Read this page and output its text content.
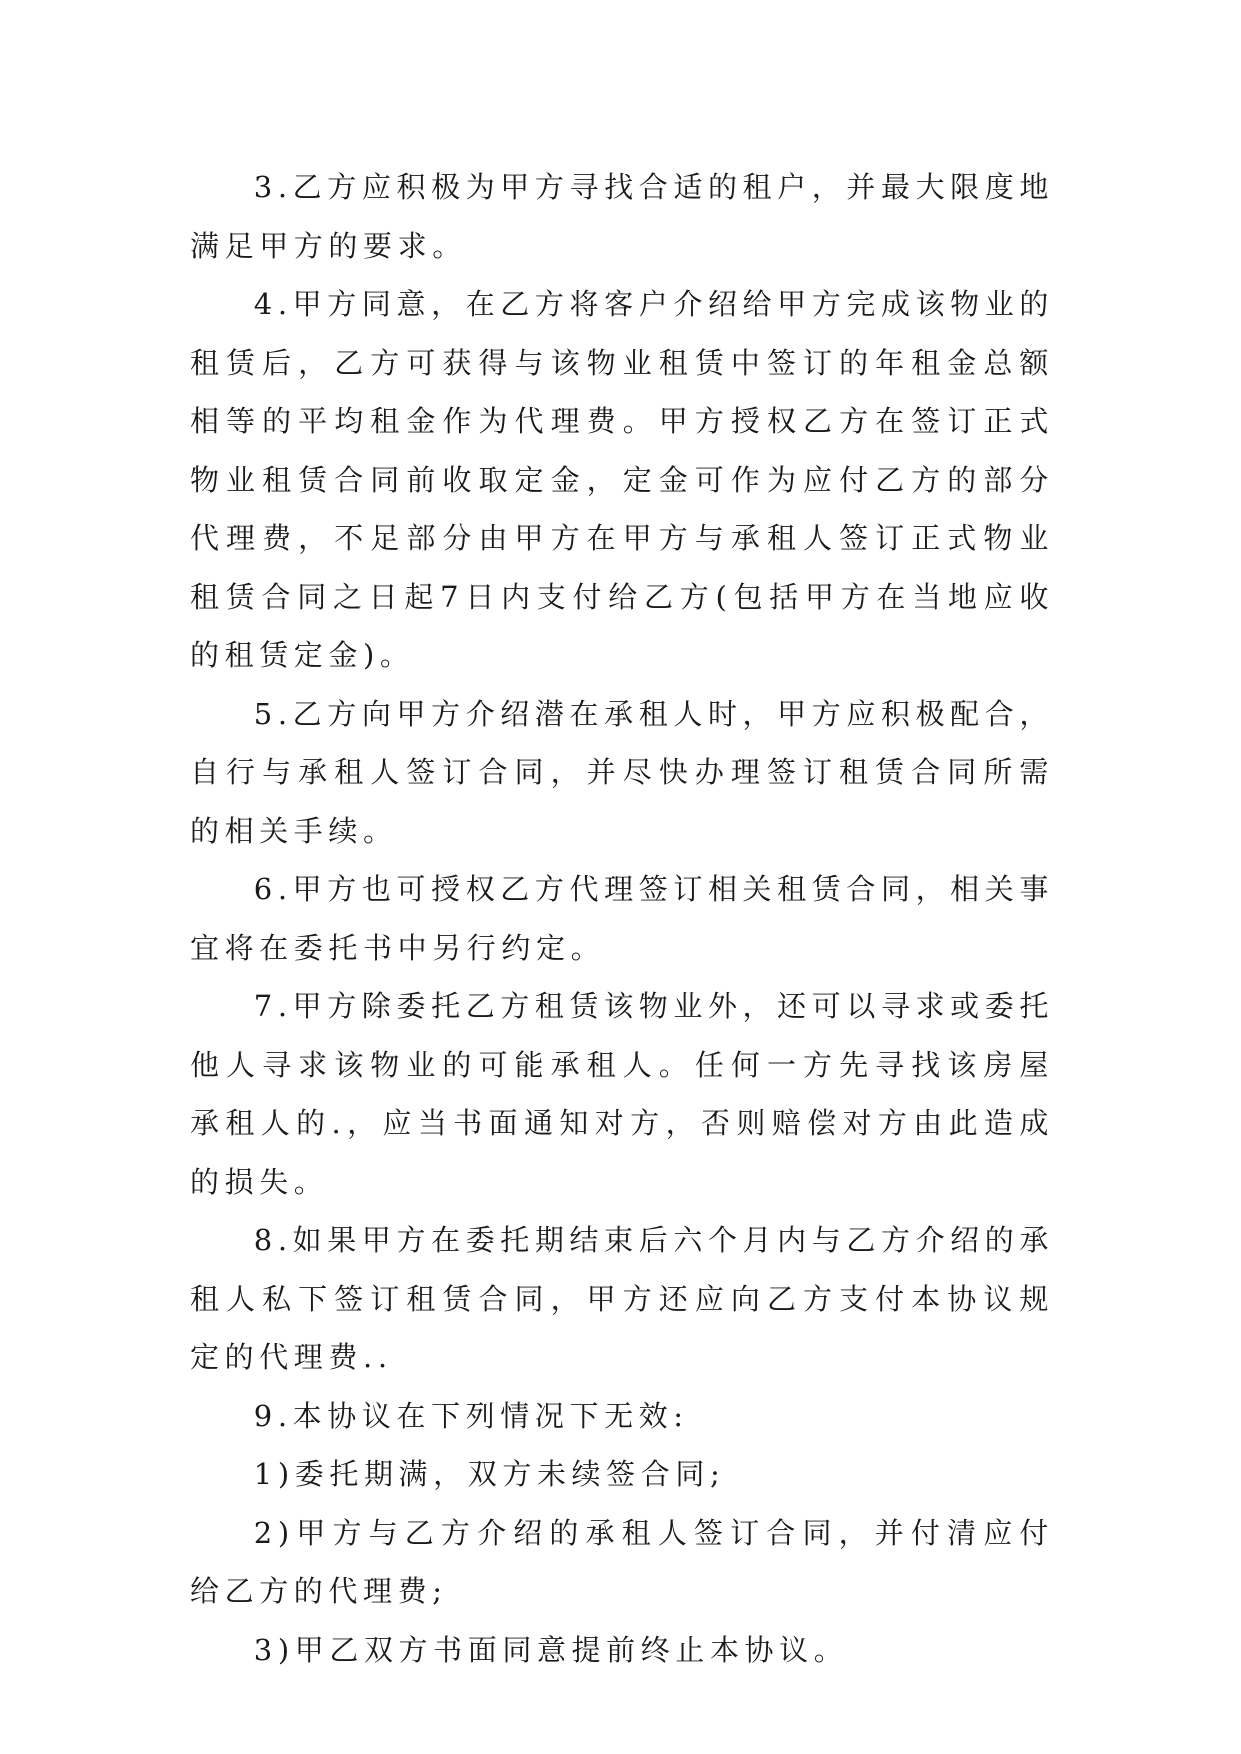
3.乙方应积极为甲方寻找合适的租户，并最大限度地满足甲方的要求。

4.甲方同意，在乙方将客户介绍给甲方完成该物业的租赁后，乙方可获得与该物业租赁中签订的年租金总额相等的平均租金作为代理费。甲方授权乙方在签订正式物业租赁合同前收取定金，定金可作为应付乙方的部分代理费，不足部分由甲方在甲方与承租人签订正式物业租赁合同之日起7日内支付给乙方(包括甲方在当地应收的租赁定金)。

5.乙方向甲方介绍潜在承租人时，甲方应积极配合，自行与承租人签订合同，并尽快办理签订租赁合同所需的相关手续。

6.甲方也可授权乙方代理签订相关租赁合同，相关事宜将在委托书中另行约定。

7.甲方除委托乙方租赁该物业外，还可以寻求或委托他人寻求该物业的可能承租人。任何一方先寻找该房屋承租人的.，应当书面通知对方，否则赔偿对方由此造成的损失。

8.如果甲方在委托期结束后六个月内与乙方介绍的承租人私下签订租赁合同，甲方还应向乙方支付本协议规定的代理费..

9.本协议在下列情况下无效:

1)委托期满，双方未续签合同;

2)甲方与乙方介绍的承租人签订合同，并付清应付给乙方的代理费;

3)甲乙双方书面同意提前终止本协议。
